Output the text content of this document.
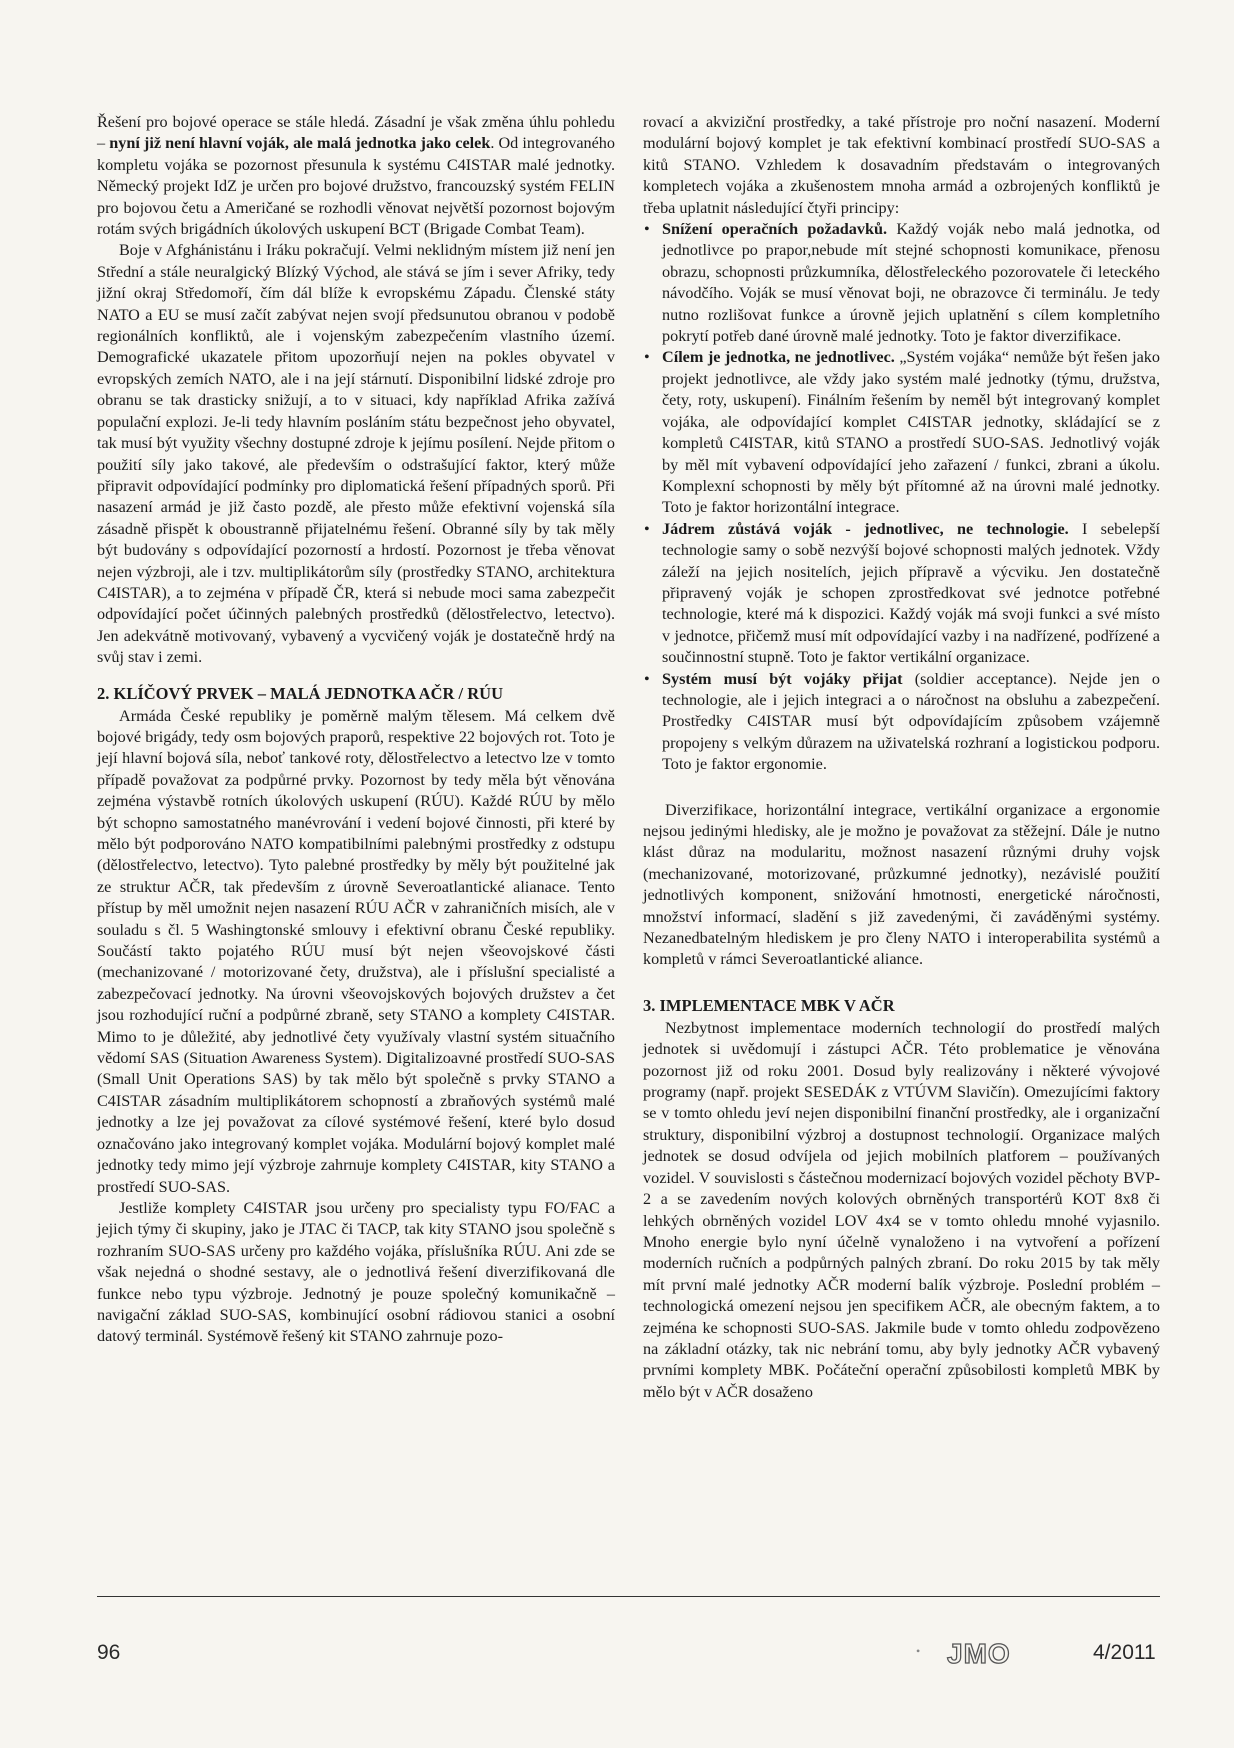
Řešení pro bojové operace se stále hledá. Zásadní je však změna úhlu pohledu – nyní již není hlavní voják, ale malá jednotka jako celek. Od integrovaného kompletu vojáka se pozornost přesunula k systému C4ISTAR malé jednotky. Německý projekt IdZ je určen pro bojové družstvo, francouzský systém FELIN pro bojovou četu a Američané se rozhodli věnovat největší pozornost bojovým rotám svých brigádních úkolových uskupení BCT (Brigade Combat Team).

Boje v Afghánistánu i Iráku pokračují. Velmi neklidným místem již není jen Střední a stále neuralgický Blízký Východ, ale stává se jím i sever Afriky, tedy jižní okraj Středomoří, čím dál blíže k evropskému Západu. Členské státy NATO a EU se musí začít zabývat nejen svojí předsunutou obranou v podobě regionálních konfliktů, ale i vojenským zabezpečením vlastního území. Demografické ukazatele přitom upozorňují nejen na pokles obyvatel v evropských zemích NATO, ale i na její stárnutí. Disponibilní lidské zdroje pro obranu se tak drasticky snižují, a to v situaci, kdy například Afrika zažívá populační explozi. Je-li tedy hlavním posláním státu bezpečnost jeho obyvatel, tak musí být využity všechny dostupné zdroje k jejímu posílení. Nejde přitom o použití síly jako takové, ale především o odstrašující faktor, který může připravit odpovídající podmínky pro diplomatická řešení případných sporů. Při nasazení armád je již často pozdě, ale přesto může efektivní vojenská síla zásadně přispět k oboustranně přijatelnému řešení. Obranné síly by tak měly být budovány s odpovídající pozorností a hrdostí. Pozornost je třeba věnovat nejen výzbroji, ale i tzv. multiplikátorům síly (prostředky STANO, architektura C4ISTAR), a to zejména v případě ČR, která si nebude moci sama zabezpečit odpovídající počet účinných palebných prostředků (dělostřelectvo, letectvo). Jen adekvátně motivovaný, vybavený a vycvičený voják je dostatečně hrdý na svůj stav i zemi.

2. KLÍČOVÝ PRVEK – MALÁ JEDNOTKA AČR / RÚU

Armáda České republiky je poměrně malým tělesem. Má celkem dvě bojové brigády, tedy osm bojových praporů, respektive 22 bojových rot. Toto je její hlavní bojová síla, neboť tankové roty, dělostřelectvo a letectvo lze v tomto případě považovat za podpůrné prvky. Pozornost by tedy měla být věnována zejména výstavbě rotních úkolových uskupení (RÚU). Každé RÚU by mělo být schopno samostatného manévrování i vedení bojové činnosti, při které by mělo být podporováno NATO kompatibilními palebnými prostředky z odstupu (dělostřelectvo, letectvo). Tyto palebné prostředky by měly být použitelné jak ze struktur AČR, tak především z úrovně Severoatlantické alianace. Tento přístup by měl umožnit nejen nasazení RÚU AČR v zahraničních misích, ale v souladu s čl. 5 Washingtonské smlouvy i efektivní obranu České republiky. Součástí takto pojatého RÚU musí být nejen všeovojskové části (mechanizované / motorizované čety, družstva), ale i příslušní specialisté a zabezpečovací jednotky. Na úrovni všeovojskových bojových družstev a čet jsou rozhodující ruční a podpůrné zbraně, sety STANO a komplety C4ISTAR. Mimo to je důležité, aby jednotlivé čety využívaly vlastní systém situačního vědomí SAS (Situation Awareness System). Digitalizoavné prostředí SUO-SAS (Small Unit Operations SAS) by tak mělo být společně s prvky STANO a C4ISTAR zásadním multiplikátorem schopností a zbraňových systémů malé jednotky a lze jej považovat za cílové systémové řešení, které bylo dosud označováno jako integrovaný komplet vojáka. Modulární bojový komplet malé jednotky tedy mimo její výzbroje zahrnuje komplety C4ISTAR, kity STANO a prostředí SUO-SAS.

Jestliže komplety C4ISTAR jsou určeny pro specialisty typu FO/FAC a jejich týmy či skupiny, jako je JTAC či TACP, tak kity STANO jsou společně s rozhraním SUO-SAS určeny pro každého vojáka, příslušníka RÚU. Ani zde se však nejedná o shodné sestavy, ale o jednotlivá řešení diverzifikovaná dle funkce nebo typu výzbroje. Jednotný je pouze společný komunikačně – navigační základ SUO-SAS, kombinující osobní rádiovou stanici a osobní datový terminál. Systémově řešený kit STANO zahrnuje pozo-

rovací a akviziční prostředky, a také přístroje pro noční nasazení. Moderní modulární bojový komplet je tak efektivní kombinací prostředí SUO-SAS a kitů STANO. Vzhledem k dosavadním představám o integrovaných kompletech vojáka a zkušenostem mnoha armád a ozbrojených konfliktů je třeba uplatnit následující čtyři principy:

• Snížení operačních požadavků. Každý voják nebo malá jednotka, od jednotlivce po prapor,nebude mít stejné schopnosti komunikace, přenosu obrazu, schopnosti průzkumníka, dělostřeleckého pozorovatele či leteckého návodčího. Voják se musí věnovat boji, ne obrazovce či terminálu. Je tedy nutno rozlišovat funkce a úrovně jejich uplatnění s cílem kompletního pokrytí potřeb dané úrovně malé jednotky. Toto je faktor diverzifikace.
• Cílem je jednotka, ne jednotlivec. „Systém vojáka“ nemůže být řešen jako projekt jednotlivce, ale vždy jako systém malé jednotky (týmu, družstva, čety, roty, uskupení). Finálním řešením by neměl být integrovaný komplet vojáka, ale odpovídající komplet C4ISTAR jednotky, skládající se z kompletů C4ISTAR, kitů STANO a prostředí SUO-SAS. Jednotlivý voják by měl mít vybavení odpovídající jeho zařazení / funkci, zbrani a úkolu. Komplexní schopnosti by měly být přítomné až na úrovni malé jednotky. Toto je faktor horizontální integrace.
• Jádrem zůstává voják - jednotlivec, ne technologie. I sebelepší technologie samy o sobě nezvýší bojové schopnosti malých jednotek. Vždy záleží na jejich nositelích, jejich přípravě a výcviku. Jen dostatečně připravený voják je schopen zprostředkovat své jednotce potřebné technologie, které má k dispozici. Každý voják má svoji funkci a své místo v jednotce, přičemž musí mít odpovídající vazby i na nadřízené, podřízené a součinnostní stupně. Toto je faktor vertikální organizace.
• Systém musí být vojáky přijat (soldier acceptance). Nejde jen o technologie, ale i jejich integraci a o náročnost na obsluhu a zabezpečení. Prostředky C4ISTAR musí být odpovídajícím způsobem vzájemně propojeny s velkým důrazem na uživatelská rozhraní a logistickou podporu. Toto je faktor ergonomie.

Diverzifikace, horizontální integrace, vertikální organizace a ergonomie nejsou jedinými hledisky, ale je možno je považovat za stěžejní. Dále je nutno klást důraz na modularitu, možnost nasazení různými druhy vojsk (mechanizované, motorizované, průzkumné jednotky), nezávislé použití jednotlivých komponent, snižování hmotnosti, energetické náročnosti, množství informací, sladění s již zavedenými, či zaváděnými systémy. Nezanedbatelným hlediskem je pro členy NATO i interoperabilita systémů a kompletů v rámci Severoatlantické aliance.

3. IMPLEMENTACE MBK V AČR

Nezbytnost implementace moderních technologií do prostředí malých jednotek si uvědomují i zástupci AČR. Této problematice je věnována pozornost již od roku 2001. Dosud byly realizovány i některé vývojové programy (např. projekt SESEDÁK z VTÚVM Slavičín). Omezujícími faktory se v tomto ohledu jeví nejen disponibilní finanční prostředky, ale i organizační struktury, disponibilní výzbroj a dostupnost technologií. Organizace malých jednotek se dosud odvíjela od jejich mobilních platforem – používaných vozidel. V souvislosti s částečnou modernizací bojových vozidel pěchoty BVP-2 a se zavedením nových kolových obrněných transportérů KOT 8x8 či lehkých obrněných vozidel LOV 4x4 se v tomto ohledu mnohé vyjasnilo. Mnoho energie bylo nyní účelně vynaloženo i na vytvoření a pořízení moderních ručních a podpůrných palných zbraní. Do roku 2015 by tak měly mít první malé jednotky AČR moderní balík výzbroje. Poslední problém – technologická omezení nejsou jen specifikem AČR, ale obecným faktem, a to zejména ke schopnosti SUO-SAS. Jakmile bude v tomto ohledu zodpovězeno na základní otázky, tak nic nebrání tomu, aby byly jednotky AČR vybavený prvními komplety MBK. Počáteční operační způsobilosti kompletů MBK by mělo být v AČR dosaženo

96	• JMO	4/2011
